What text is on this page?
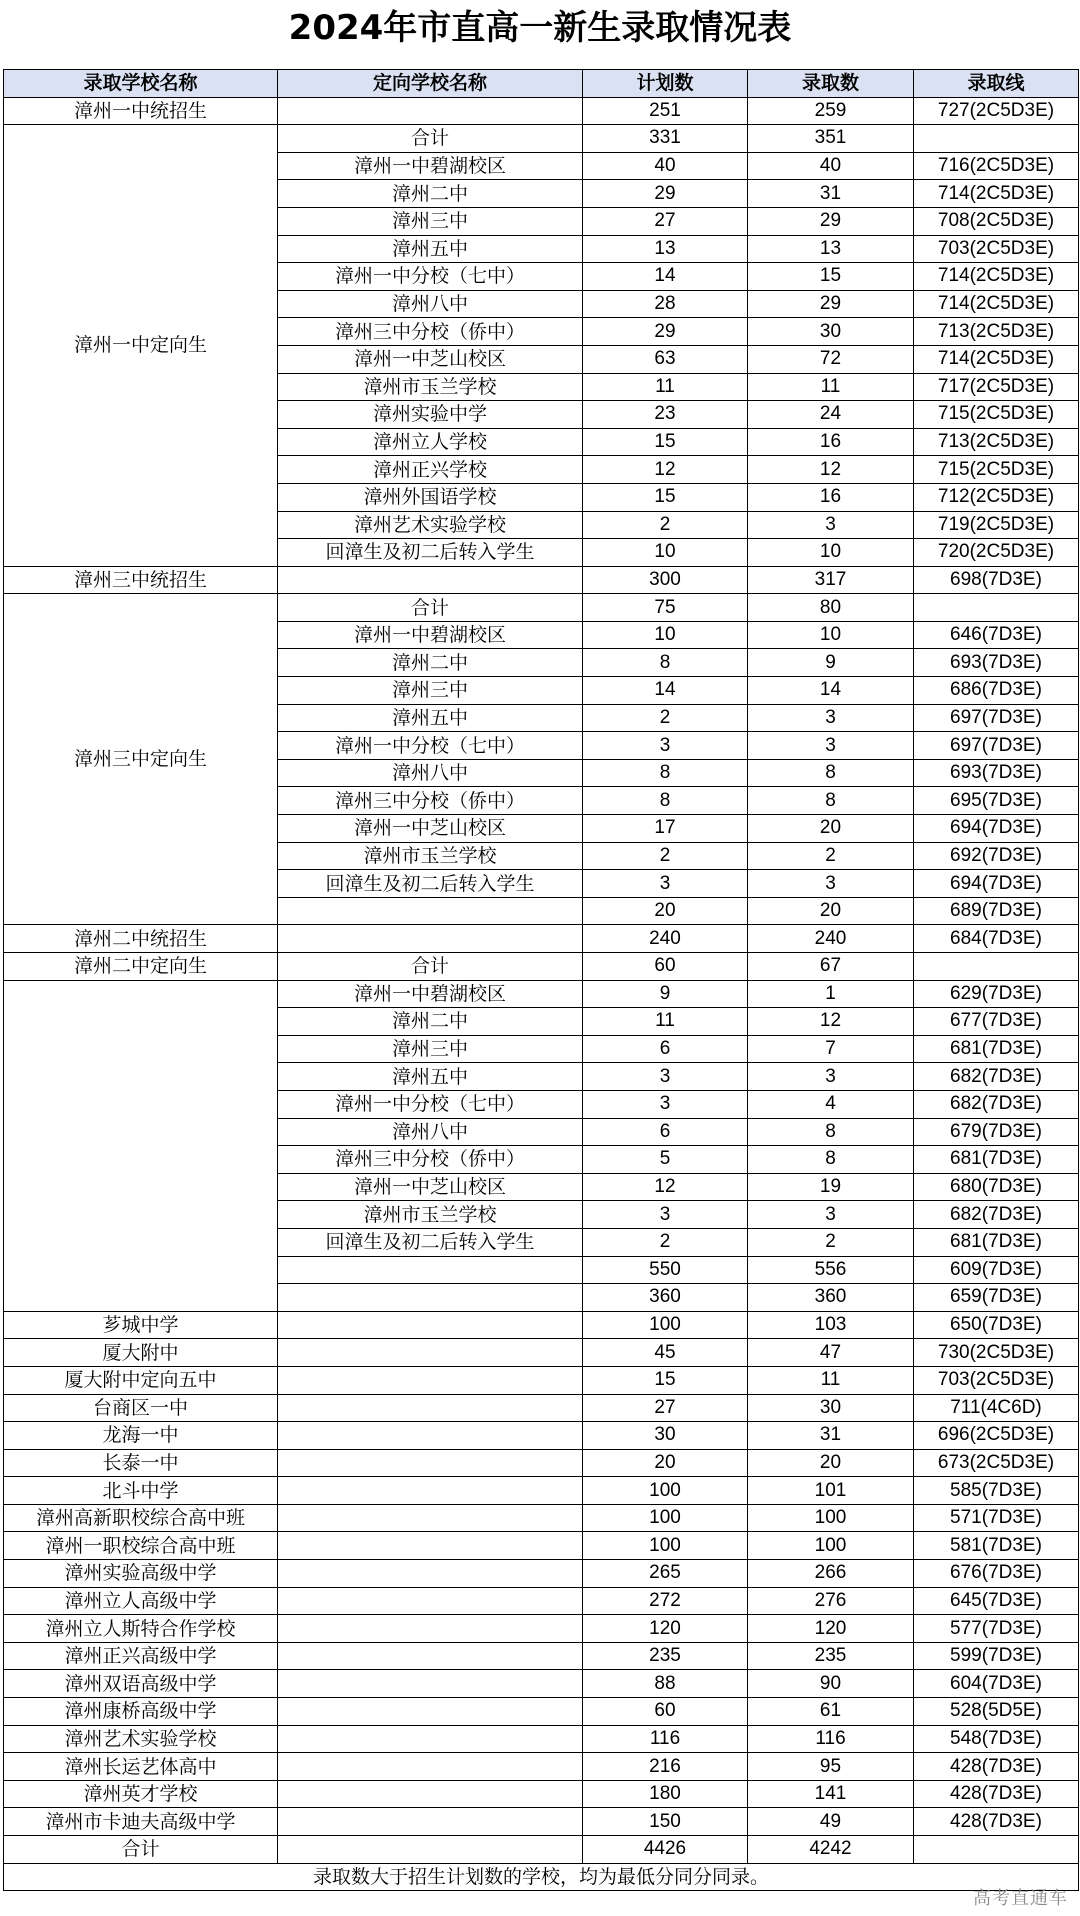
2024年市直高一新生录取情况表
录取学校名称	定向学校名称	计划数	录取数	录取线
漳州一中统招生		251	259	727(2C5D3E)
漳州一中定向生	合计	331	351	
	漳州一中碧湖校区	40	40	716(2C5D3E)
	漳州二中	29	31	714(2C5D3E)
	漳州三中	27	29	708(2C5D3E)
	漳州五中	13	13	703(2C5D3E)
	漳州一中分校（七中）	14	15	714(2C5D3E)
	漳州八中	28	29	714(2C5D3E)
	漳州三中分校（侨中）	29	30	713(2C5D3E)
	漳州一中芝山校区	63	72	714(2C5D3E)
	漳州市玉兰学校	11	11	717(2C5D3E)
	漳州实验中学	23	24	715(2C5D3E)
	漳州立人学校	15	16	713(2C5D3E)
	漳州正兴学校	12	12	715(2C5D3E)
	漳州外国语学校	15	16	712(2C5D3E)
	漳州艺术实验学校	2	3	719(2C5D3E)
	回漳生及初二后转入学生	10	10	720(2C5D3E)
漳州三中统招生		300	317	698(7D3E)
漳州三中定向生	合计	75	80	
	漳州一中碧湖校区	10	10	646(7D3E)
	漳州二中	8	9	693(7D3E)
	漳州三中	14	14	686(7D3E)
	漳州五中	2	3	697(7D3E)
	漳州一中分校（七中）	3	3	697(7D3E)
	漳州八中	8	8	693(7D3E)
	漳州三中分校（侨中）	8	8	695(7D3E)
	漳州一中芝山校区	17	20	694(7D3E)
	漳州市玉兰学校	2	2	692(7D3E)
	回漳生及初二后转入学生	3	3	694(7D3E)
		20	20	689(7D3E)
漳州二中统招生		240	240	684(7D3E)
漳州二中定向生	合计	60	67	
	漳州一中碧湖校区	9	1	629(7D3E)
	漳州二中	11	12	677(7D3E)
	漳州三中	6	7	681(7D3E)
	漳州五中	3	3	682(7D3E)
	漳州一中分校（七中）	3	4	682(7D3E)
	漳州八中	6	8	679(7D3E)
	漳州三中分校（侨中）	5	8	681(7D3E)
	漳州一中芝山校区	12	19	680(7D3E)
	漳州市玉兰学校	3	3	682(7D3E)
	回漳生及初二后转入学生	2	2	681(7D3E)
		550	556	609(7D3E)
		360	360	659(7D3E)
芗城中学		100	103	650(7D3E)
厦大附中		45	47	730(2C5D3E)
厦大附中定向五中		15	11	703(2C5D3E)
台商区一中		27	30	711(4C6D)
龙海一中		30	31	696(2C5D3E)
长泰一中		20	20	673(2C5D3E)
北斗中学		100	101	585(7D3E)
漳州高新职校综合高中班		100	100	571(7D3E)
漳州一职校综合高中班		100	100	581(7D3E)
漳州实验高级中学		265	266	676(7D3E)
漳州立人高级中学		272	276	645(7D3E)
漳州立人斯特合作学校		120	120	577(7D3E)
漳州正兴高级中学		235	235	599(7D3E)
漳州双语高级中学		88	90	604(7D3E)
漳州康桥高级中学		60	61	528(5D5E)
漳州艺术实验学校		116	116	548(7D3E)
漳州长运艺体高中		216	95	428(7D3E)
漳州英才学校		180	141	428(7D3E)
漳州市卡迪夫高级中学		150	49	428(7D3E)
合计		4426	4242	
录取数大于招生计划数的学校，均为最低分同分同录。				
高考直通车
